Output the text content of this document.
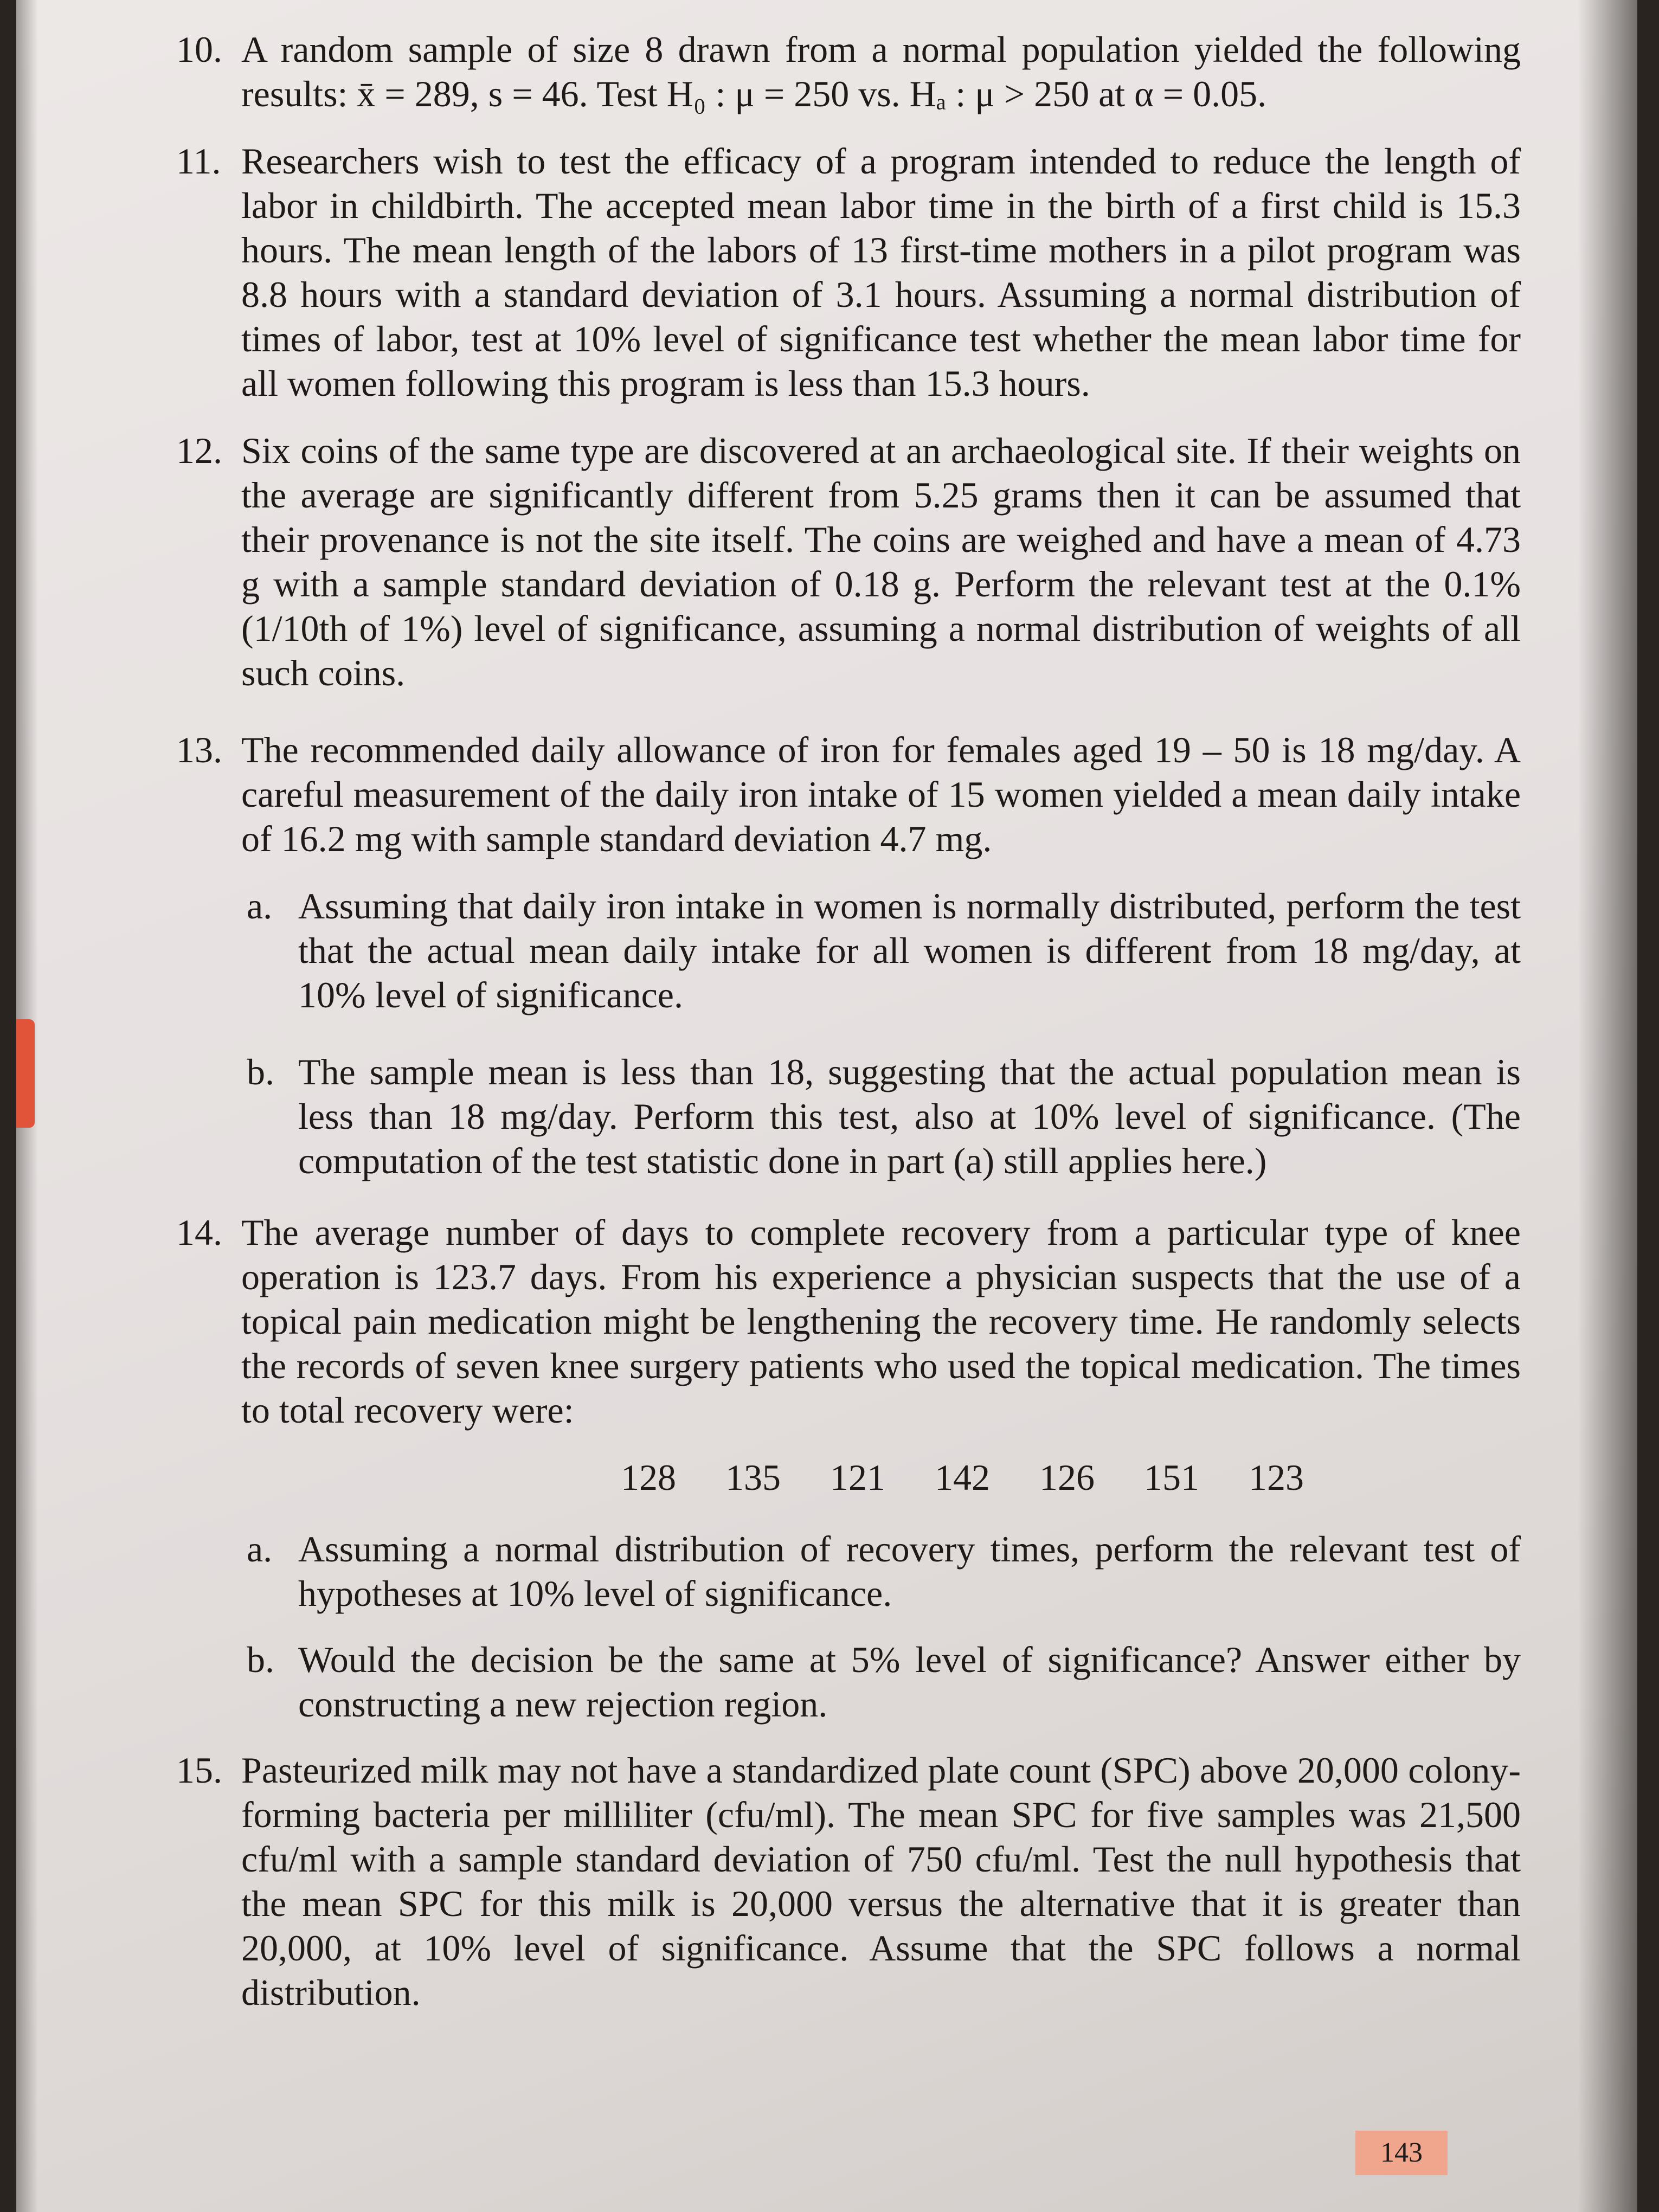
10. A random sample of size 8 drawn from a normal population yielded the following results: x̄ = 289, s = 46. Test H₀ : μ = 250 vs. Hₐ : μ > 250 at α = 0.05.
11. Researchers wish to test the efficacy of a program intended to reduce the length of labor in childbirth. The accepted mean labor time in the birth of a first child is 15.3 hours. The mean length of the labors of 13 first-time mothers in a pilot program was 8.8 hours with a standard deviation of 3.1 hours. Assuming a normal distribution of times of labor, test at 10% level of significance test whether the mean labor time for all women following this program is less than 15.3 hours.
12. Six coins of the same type are discovered at an archaeological site. If their weights on the average are significantly different from 5.25 grams then it can be assumed that their provenance is not the site itself. The coins are weighed and have a mean of 4.73 g with a sample standard deviation of 0.18 g. Perform the relevant test at the 0.1% (1/10th of 1%) level of significance, assuming a normal distribution of weights of all such coins.
13. The recommended daily allowance of iron for females aged 19 – 50 is 18 mg/day. A careful measurement of the daily iron intake of 15 women yielded a mean daily intake of 16.2 mg with sample standard deviation 4.7 mg.
a. Assuming that daily iron intake in women is normally distributed, perform the test that the actual mean daily intake for all women is different from 18 mg/day, at 10% level of significance.
b. The sample mean is less than 18, suggesting that the actual population mean is less than 18 mg/day. Perform this test, also at 10% level of significance. (The computation of the test statistic done in part (a) still applies here.)
14. The average number of days to complete recovery from a particular type of knee operation is 123.7 days. From his experience a physician suspects that the use of a topical pain medication might be lengthening the recovery time. He randomly selects the records of seven knee surgery patients who used the topical medication. The times to total recovery were:
128 135 121 142 126 151 123
a. Assuming a normal distribution of recovery times, perform the relevant test of hypotheses at 10% level of significance.
b. Would the decision be the same at 5% level of significance? Answer either by constructing a new rejection region.
15. Pasteurized milk may not have a standardized plate count (SPC) above 20,000 colony-forming bacteria per milliliter (cfu/ml). The mean SPC for five samples was 21,500 cfu/ml with a sample standard deviation of 750 cfu/ml. Test the null hypothesis that the mean SPC for this milk is 20,000 versus the alternative that it is greater than 20,000, at 10% level of significance. Assume that the SPC follows a normal distribution.
143
